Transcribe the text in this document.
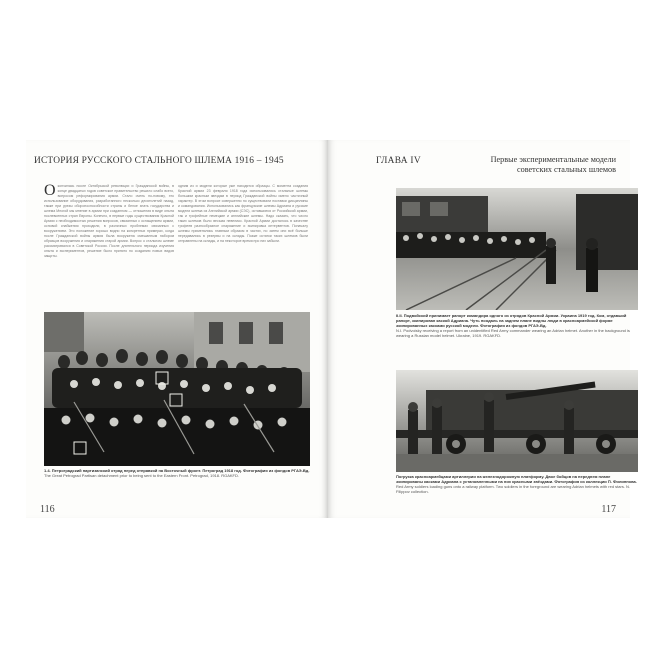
ИСТОРИЯ РУССКОГО СТАЛЬНОГО ШЛЕМА 1916 – 1945
О кончилась после Октябрьской революции и Гражданской войны, в конце двадцатых годов советское правительство решило слабо всего, вопросом реформирования армии. Стало очень по-новому, это использование оборудования, разработанного несколько десятилетий назад, также при урезы обороноспособности страны и белое знать государства и шлема Многой мы мнение в армии при созданном — отношения в виде опыта послевоенных стран Европы. Конечно, в первые годы существования Красной Армии с необходимостью решения вопросов, связанных с оснащением армии, основой снабжения проходили, в различных проблемах связанных с вооружением. Это положение хорошо видно на конкретных примерах, когда после Гражданской войны армия была вооружена смешанным набором образцов вооружения и снаряжения старой армии. Вопрос о стальном шлеме рассматривался в Советской России. После длительного периода изучения опыта и экспериментов, решение было принято по созданию новых видов защиты.
одним из и модели которые уже находятся образцы. С момента создания Красной армии 23 февраля 1918 года использовались стальные шлемы большим красным звездам в период Гражданской войны имело частичный характер. В этом вопросе совершенно по существовали поставки дисциплины и командования. Использовались как французские шлемы Адриана и русские модели шлема из Английской армии (СЭС), оставшиеся от Российской армии, так и трофейные немецкие и английские шлемы. Надо сказать, что число таких шлемов было весьма невелико. Красной Армии досталось в качестве трофеев разнообразное снаряжение и экипировка интервентов. Поначалу шлемы применялись главным образом в частях, но затем они всё больше передавались в резервы и на склады. Позже остатки таких шлемов были отправлены на склады, и на некоторое время про них забыли.
1.4. Петроградский партизанский отряд перед отправкой на Восточный фронт. Петроград 1918 год. Фотография из фондов РГАЭ-Вд.
The Great Petrograd Partisan detachment prior to being sent to the Eastern Front. Petrograd, 1918. RGAKFD.
116
ГЛАВА IV	Первые экспериментальные модели советских стальных шлемов
II.II. Подвойский принимает рапорт командира одного из отрядов Красной Армии. Украина 1919 год. Ком, отдавший рапорт, экипирован каской Адриана. Чуть поодаль на заднем плане видны люди в красноармейской форме экипированных касками русской модели. Фотография из фондов РГАЭ-Вд.
N.I. Podvoisky receiving a report from an unidentified Red Army commander wearing an Adrian helmet. Another in the background is wearing a Russian model helmet. Ukraine, 1919. RGAKFD.
Погрузка красноармейцами артиллерии на железнодорожную платформу. Двое бойцов на переднем плане экипированы касками Адриана с установленными на них красными звёздами. Фотография из коллекции П. Филиппова.
Red Army soldiers loading guns onto a railway platform. Two soldiers in the foreground are wearing Adrian helmets with red stars. N. Filippov collection.
117
